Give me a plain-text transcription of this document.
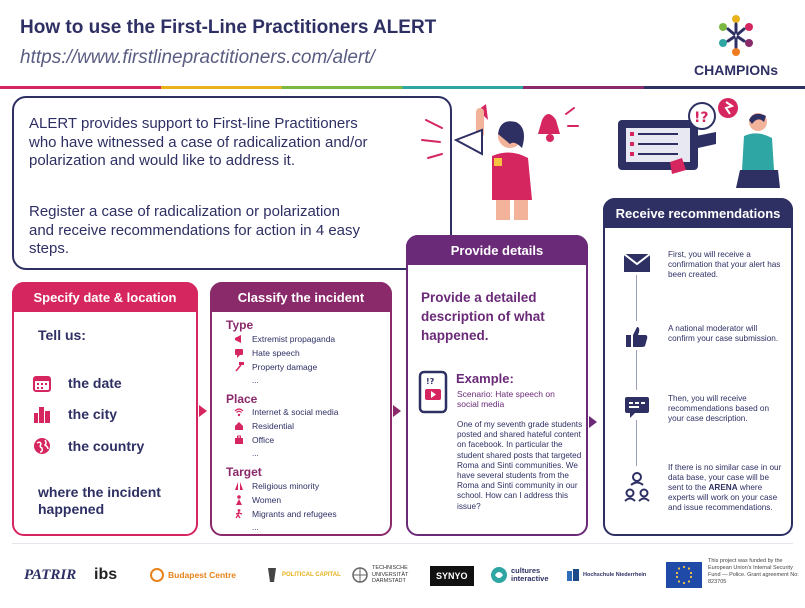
How to use the First-Line Practitioners ALERT
https://www.firstlinepractitioners.com/alert/
CHAMPIONs
ALERT provides support to First-line Practitioners who have witnessed a case of radicalization and/or polarization and would like to address it.
Register a case of radicalization or polarization and receive recommendations for action in 4 easy steps.
!?
Specify date & location
Tell us:
the date
the city
the country
where the incident happened
Classify the incident
Type
Extremist propaganda
Hate speech
Property damage
...
Place
Internet & social media
Residential
Office
...
Target
Religious minority
Women
Migrants and refugees
...
Provide details
Provide a detailed description of what happened.
!? Example:
Scenario: Hate speech on social media
One of my seventh grade students posted and shared hateful content on facebook. In particular the student shared posts that targeted Roma and Sinti communities. We have several students from the Roma and Sinti community in our school. How can I address this issue?
Receive recommendations
First, you will receive a confirmation that your alert has been created.
A national moderator will confirm your case submission.
Then, you will receive recommendations based on your case description.
If there is no similar case in our data base, your case will be sent to the ARENA where experts will work on your case and issue recommendations.
PATRIR ibs	Budapest Centre	POLITICAL CAPITAL
TECHNISCHE UNIVERSITÄT DARMSTADT
SYNYO
cultures interactive	Hochschule Niederrhein
This project was funded by the European Union's Internal Security Fund — Police. Grant agreement No: 823705
